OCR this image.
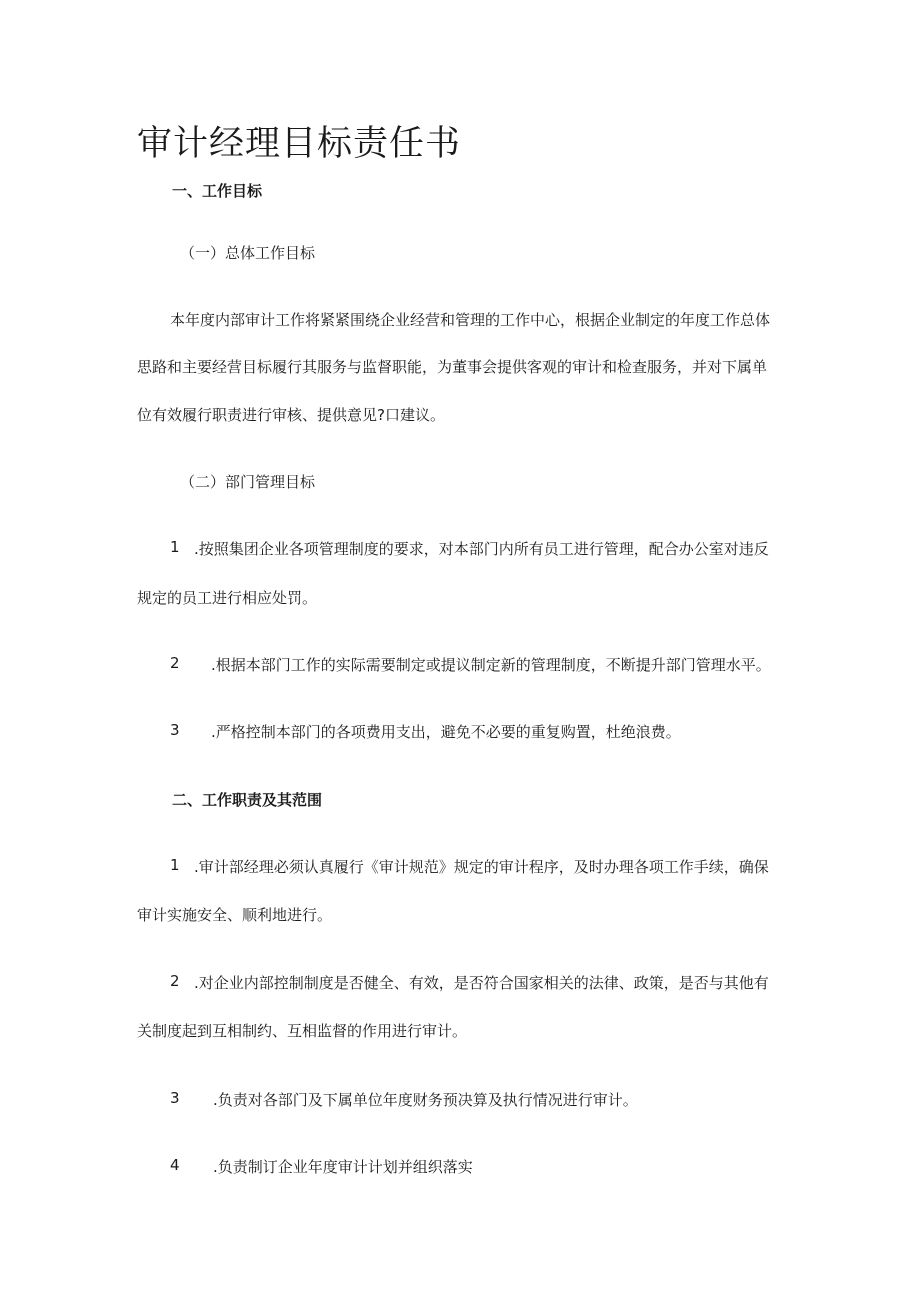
审计经理目标责任书
一、工作目标
（一）总体工作目标
本年度内部审计工作将紧紧围绕企业经营和管理的工作中心，根据企业制定的年度工作总体
思路和主要经营目标履行其服务与监督职能，为董事会提供客观的审计和检查服务，并对下属单
位有效履行职责进行审核、提供意见?口建议。
（二）部门管理目标
1 .按照集团企业各项管理制度的要求，对本部门内所有员工进行管理，配合办公室对违反
规定的员工进行相应处罚。
2 .根据本部门工作的实际需要制定或提议制定新的管理制度，不断提升部门管理水平。
3 .严格控制本部门的各项费用支出，避免不必要的重复购置，杜绝浪费。
二、工作职责及其范围
1 .审计部经理必须认真履行《审计规范》规定的审计程序，及时办理各项工作手续，确保
审计实施安全、顺利地进行。
2 .对企业内部控制制度是否健全、有效，是否符合国家相关的法律、政策，是否与其他有
关制度起到互相制约、互相监督的作用进行审计。
3 .负责对各部门及下属单位年度财务预决算及执行情况进行审计。
4 .负责制订企业年度审计计划并组织落实
